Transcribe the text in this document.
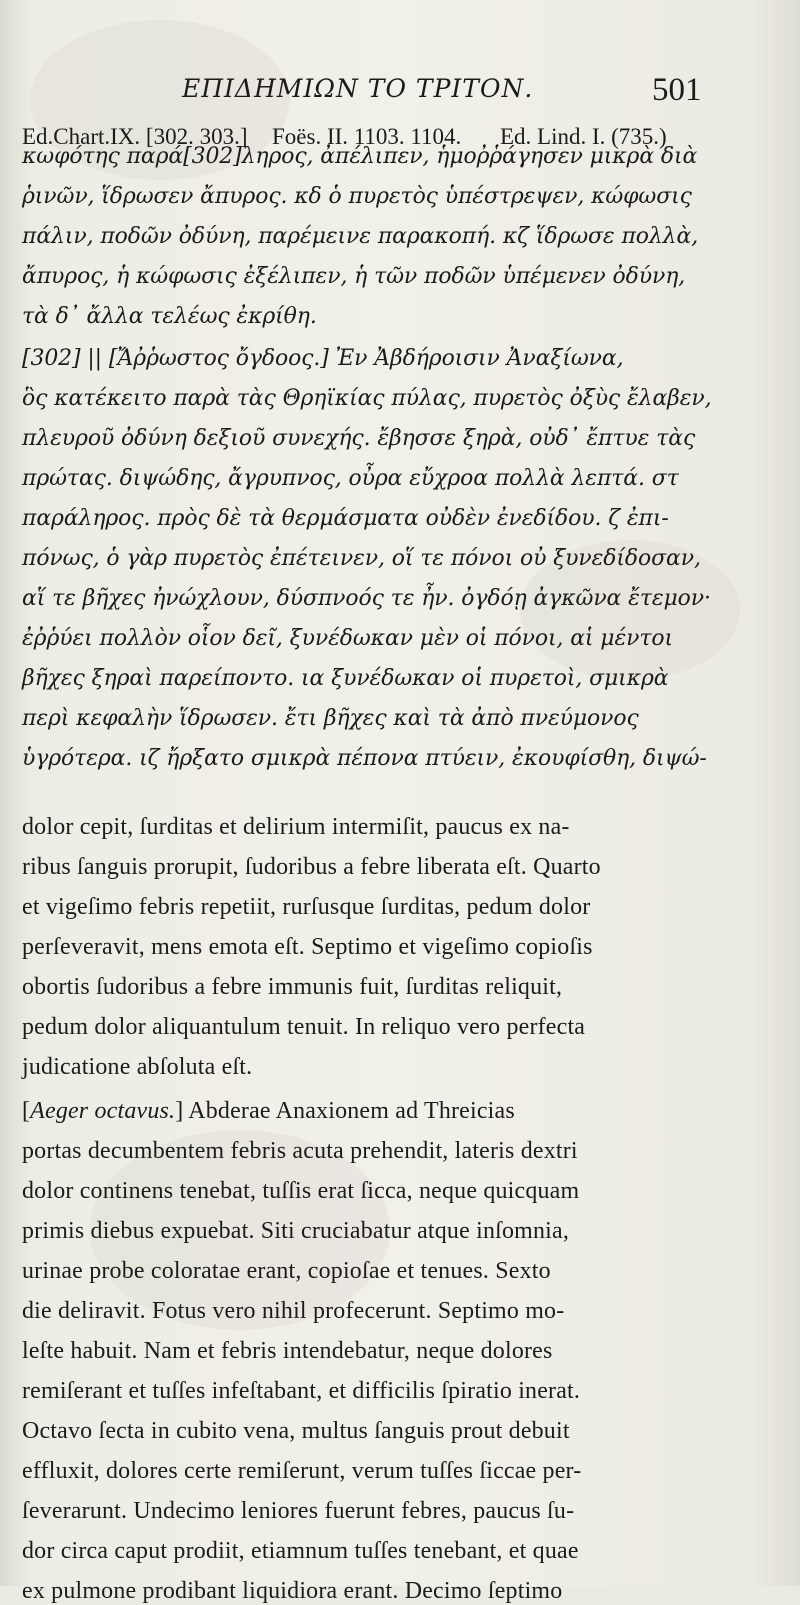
ΕΠΙΔΗΜΙΩΝ ΤΟ ΤΡΙΤΟΝ.	501
Ed.Chart.IX. [302. 303.] Foës. II. 1103. 1104. Ed. Lind. I. (735.)
κωφότης παρά[302]ληρος, ἀπέλιπεν, ἡμοῤῥάγησεν μικρὰ διὰ
ῥινῶν, ἵδρωσεν ἄπυρος. κδ ὁ πυρετὸς ὑπέστρεψεν, κώφωσις
πάλιν, ποδῶν ὀδύνη, παρέμεινε παρακοπή. κζ ἵδρωσε πολλὰ,
ἄπυρος, ἡ κώφωσις ἐξέλιπεν, ἡ τῶν ποδῶν ὑπέμενεν ὀδύνη,
τὰ δ᾽ ἄλλα τελέως ἐκρίθη.
[302] || [Ἄῤῥωστος ὄγδοος.] Ἐν Ἀβδήροισιν Ἀναξίωνα,
ὃς κατέκειτο παρὰ τὰς Θρηϊκίας πύλας, πυρετὸς ὀξὺς ἔλαβεν,
πλευροῦ ὀδύνη δεξιοῦ συνεχής. ἔβησσε ξηρὰ, οὐδ᾽ ἔπτυε τὰς
πρώτας. διψώδης, ἄγρυπνος, οὖρα εὔχροα πολλὰ λεπτά. στ
παράληρος. πρὸς δὲ τὰ θερμάσματα οὐδὲν ἐνεδίδου. ζ ἐπι-
πόνως, ὁ γὰρ πυρετὸς ἐπέτεινεν, οἵ τε πόνοι οὐ ξυνεδίδοσαν,
αἵ τε βῆχες ἠνώχλουν, δύσπνοός τε ἦν. ὀγδόῃ ἀγκῶνα ἔτεμον·
ἐῤῥύει πολλὸν οἷον δεῖ, ξυνέδωκαν μὲν οἱ πόνοι, αἱ μέντοι
βῆχες ξηραὶ παρείποντο. ια ξυνέδωκαν οἱ πυρετοὶ, σμικρὰ
περὶ κεφαλὴν ἵδρωσεν. ἔτι βῆχες καὶ τὰ ἀπὸ πνεύμονος
ὑγρότερα. ιζ ἤρξατο σμικρὰ πέπονα πτύειν, ἐκουφίσθη, διψώ-
dolor cepit, ſurditas et delirium intermiſit, paucus ex na-
ribus ſanguis prorupit, ſudoribus a febre liberata eſt. Quarto
et vigeſimo febris repetiit, rurſusque ſurditas, pedum dolor
perſeveravit, mens emota eſt. Septimo et vigeſimo copioſis
obortis ſudoribus a febre immunis fuit, ſurditas reliquit,
pedum dolor aliquantulum tenuit. In reliquo vero perfecta
judicatione abſoluta eſt.
[Aeger octavus.] Abderae Anaxionem ad Threicias
portas decumbentem febris acuta prehendit, lateris dextri
dolor continens tenebat, tuſſis erat ſicca, neque quicquam
primis diebus expuebat. Siti cruciabatur atque inſomnia,
urinae probe coloratae erant, copioſae et tenues. Sexto
die deliravit. Fotus vero nihil profecerunt. Septimo mo-
leſte habuit. Nam et febris intendebatur, neque dolores
remiſerant et tuſſes infeſtabant, et difficilis ſpiratio inerat.
Octavo ſecta in cubito vena, multus ſanguis prout debuit
effluxit, dolores certe remiſerunt, verum tuſſes ſiccae per-
ſeverarunt. Undecimo leniores fuerunt febres, paucus ſu-
dor circa caput prodiit, etiamnum tuſſes tenebant, et quae
ex pulmone prodibant liquidiora erant. Decimo ſeptimo
